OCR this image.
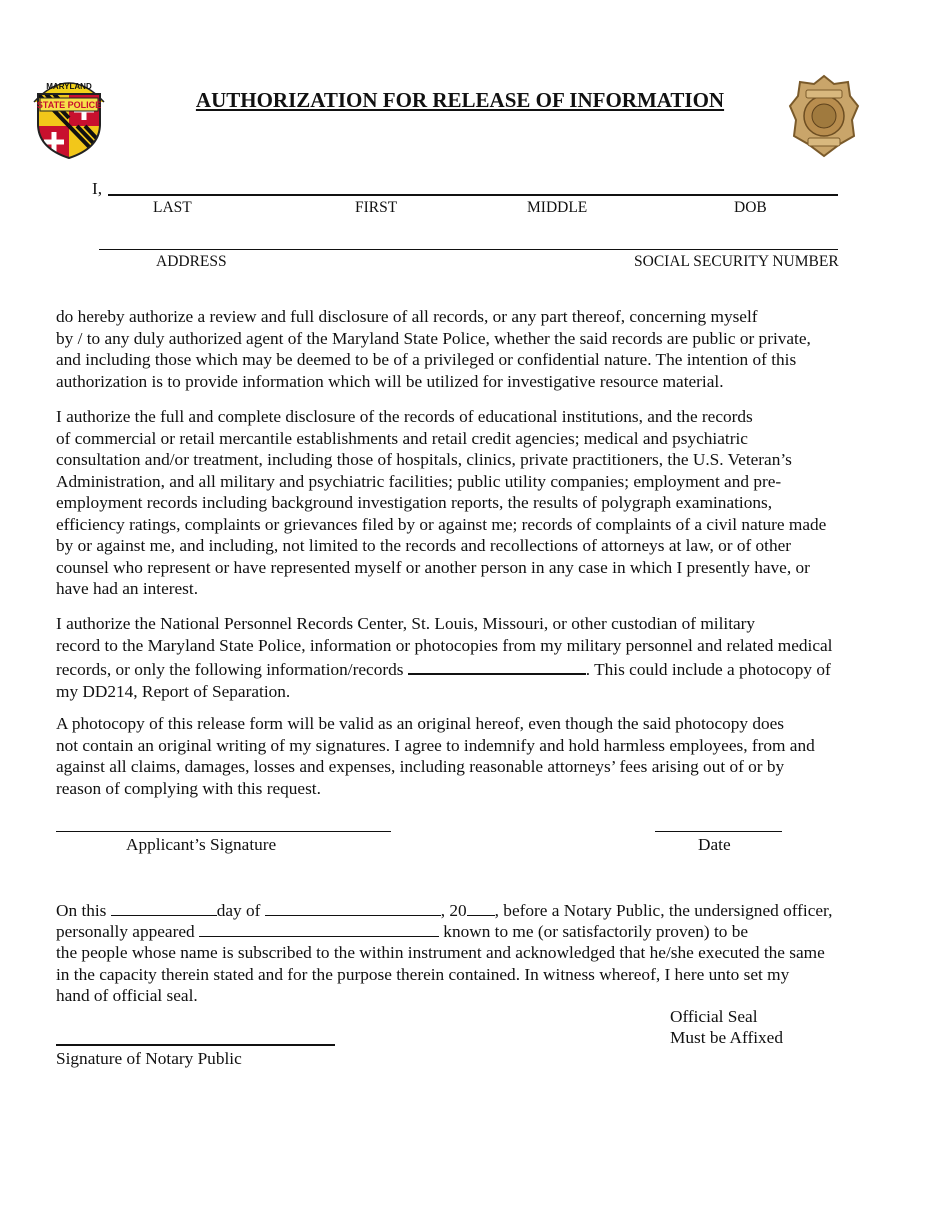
STATE POLICE
MARYLAND
AUTHORIZATION FOR RELEASE OF INFORMATION
I,
LAST	FIRST	MIDDLE	DOB
ADDRESS	SOCIAL SECURITY NUMBER
do hereby authorize a review and full disclosure of all records, or any part thereof, concerning myself
by / to any duly authorized agent of the Maryland State Police, whether the said records are public or private,
and including those which may be deemed to be of a privileged or confidential nature. The intention of this
authorization is to provide information which will be utilized for investigative resource material.
I authorize the full and complete disclosure of the records of educational institutions, and the records
of commercial or retail mercantile establishments and retail credit agencies; medical and psychiatric
consultation and/or treatment, including those of hospitals, clinics, private practitioners, the U.S. Veteran’s
Administration, and all military and psychiatric facilities; public utility companies; employment and pre-
employment records including background investigation reports, the results of polygraph examinations,
efficiency ratings, complaints or grievances filed by or against me; records of complaints of a civil nature made
by or against me, and including, not limited to the records and recollections of attorneys at law, or of other
counsel who represent or have represented myself or another person in any case in which I presently have, or
have had an interest.
I authorize the National Personnel Records Center, St. Louis, Missouri, or other custodian of military
record to the Maryland State Police, information or photocopies from my military personnel and related medical
records, or only the following information/records	. This could include a photocopy of
my DD214, Report of Separation.
A photocopy of this release form will be valid as an original hereof, even though the said photocopy does
not contain an original writing of my signatures. I agree to indemnify and hold harmless employees, from and
against all claims, damages, losses and expenses, including reasonable attorneys’ fees arising out of or by
reason of complying with this request.
Applicant’s Signature	Date
On this	day of	, 20 , before a Notary Public, the undersigned officer,
personally appeared	known to me (or satisfactorily proven) to be
the people whose name is subscribed to the within instrument and acknowledged that he/she executed the same
in the capacity therein stated and for the purpose therein contained. In witness whereof, I here unto set my
hand of official seal.
Official Seal
Must be Affixed
Signature of Notary Public
